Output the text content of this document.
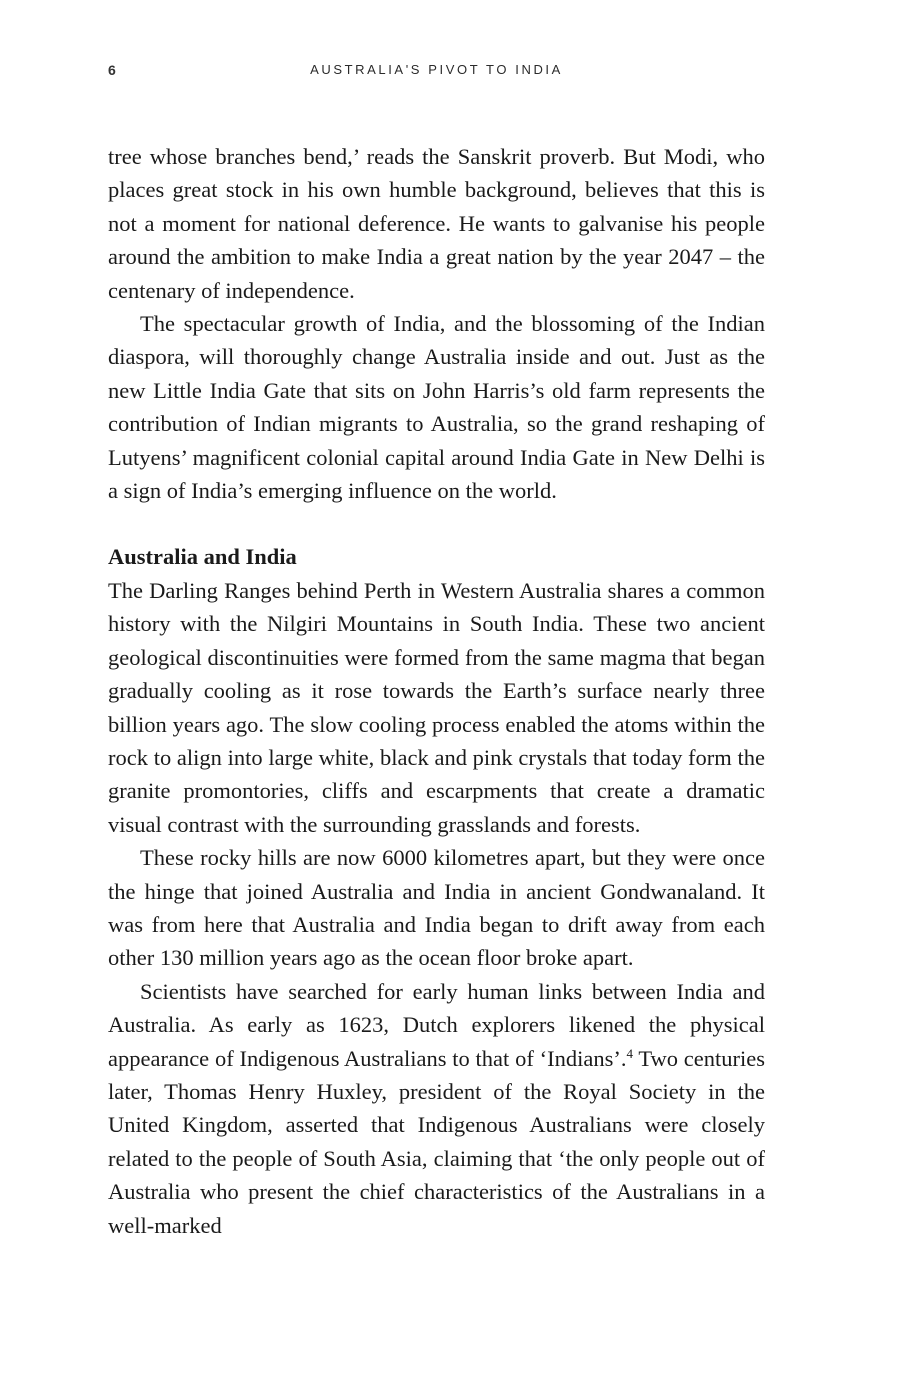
6	AUSTRALIA'S PIVOT TO INDIA

tree whose branches bend,’ reads the Sanskrit proverb. But Modi, who places great stock in his own humble background, believes that this is not a moment for national deference. He wants to galvanise his people around the ambition to make India a great nation by the year 2047 – the centenary of independence.

The spectacular growth of India, and the blossoming of the Indian diaspora, will thoroughly change Australia inside and out. Just as the new Little India Gate that sits on John Harris’s old farm represents the contribution of Indian migrants to Australia, so the grand reshaping of Lutyens’ magnificent colonial capital around India Gate in New Delhi is a sign of India’s emerging influence on the world.

Australia and India

The Darling Ranges behind Perth in Western Australia shares a common history with the Nilgiri Mountains in South India. These two ancient geological discontinuities were formed from the same magma that began gradually cooling as it rose towards the Earth’s surface nearly three billion years ago. The slow cooling process enabled the atoms within the rock to align into large white, black and pink crystals that today form the granite promontories, cliffs and escarpments that create a dramatic visual contrast with the surrounding grasslands and forests.

These rocky hills are now 6000 kilometres apart, but they were once the hinge that joined Australia and India in ancient Gondwanaland. It was from here that Australia and India began to drift away from each other 130 million years ago as the ocean floor broke apart.

Scientists have searched for early human links between India and Australia. As early as 1623, Dutch explorers likened the physical appearance of Indigenous Australians to that of ‘Indians’.$^4$ Two centuries later, Thomas Henry Huxley, president of the Royal Society in the United Kingdom, asserted that Indigenous Australians were closely related to the people of South Asia, claiming that ‘the only people out of Australia who present the chief characteristics of the Australians in a well-marked
